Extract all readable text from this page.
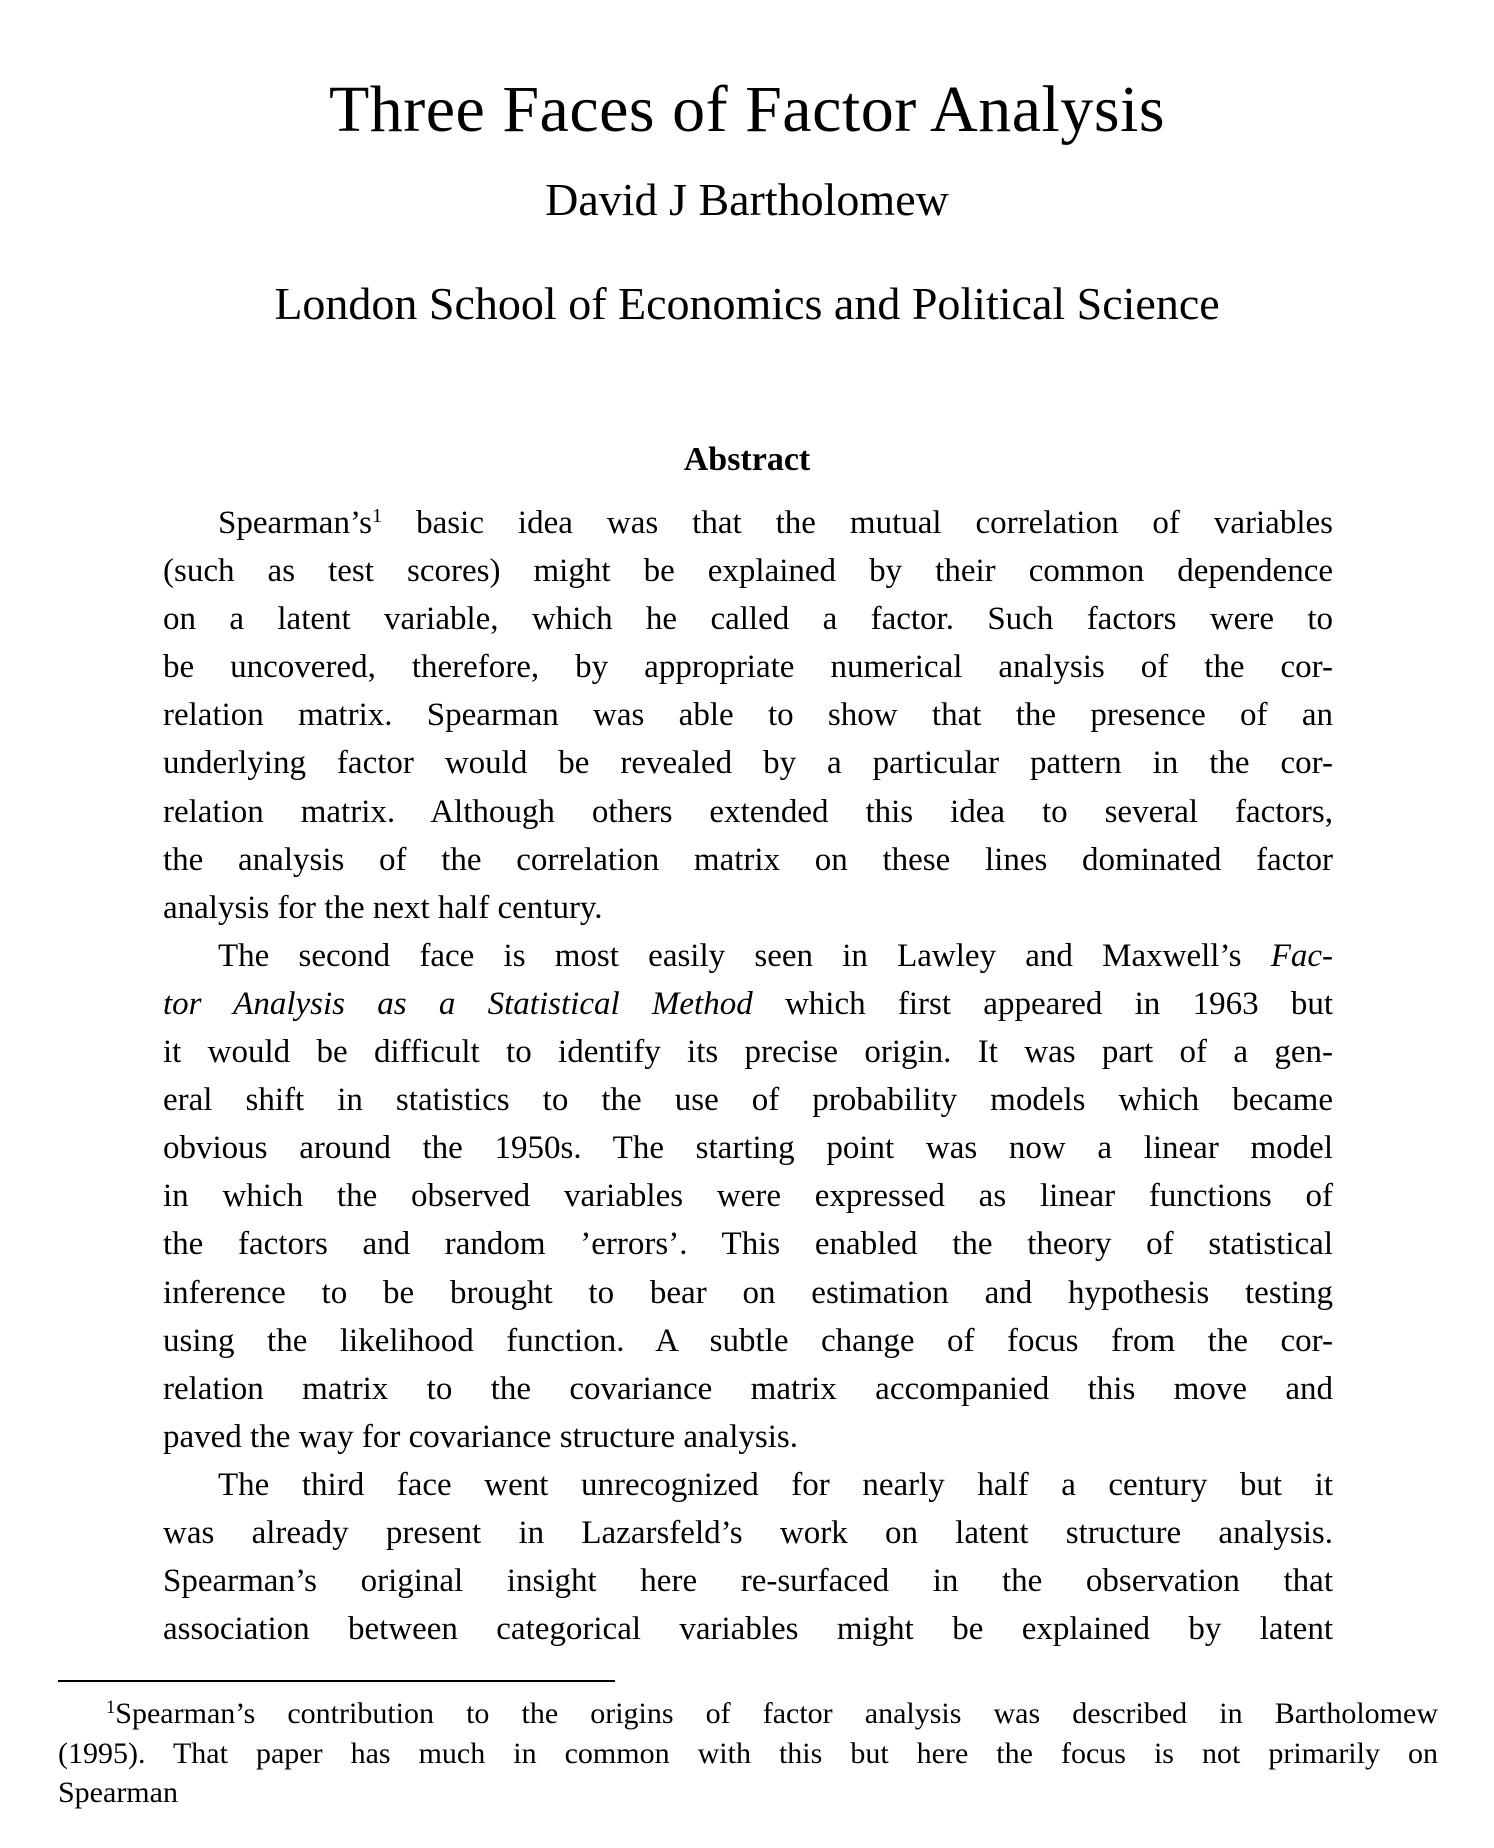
Three Faces of Factor Analysis
David J Bartholomew
London School of Economics and Political Science
Abstract
$Spearman’s^1$ basic idea was that the mutual correlation of variables
(such as test scores) might be explained by their common dependence
on a latent variable, which he called a factor. Such factors were to
be uncovered, therefore, by appropriate numerical analysis of the cor-
relation matrix. Spearman was able to show that the presence of an
underlying factor would be revealed by a particular pattern in the cor-
relation matrix. Although others extended this idea to several factors,
the analysis of the correlation matrix on these lines dominated factor
analysis for the next half century.
The second face is most easily seen in Lawley and Maxwell’s Fac-
tor Analysis as a Statistical Method which first appeared in 1963 but
it would be difficult to identify its precise origin. It was part of a gen-
eral shift in statistics to the use of probability models which became
obvious around the 1950s. The starting point was now a linear model
in which the observed variables were expressed as linear functions of
the factors and random ’errors’. This enabled the theory of statistical
inference to be brought to bear on estimation and hypothesis testing
using the likelihood function. A subtle change of focus from the cor-
relation matrix to the covariance matrix accompanied this move and
paved the way for covariance structure analysis.
The third face went unrecognized for nearly half a century but it
was already present in Lazarsfeld’s work on latent structure analysis.
Spearman’s original insight here re-surfaced in the observation that
association between categorical variables might be explained by latent
$^1$Spearman’s contribution to the origins of factor analysis was described in Bartholomew
(1995). That paper has much in common with this but here the focus is not primarily on
Spearman
